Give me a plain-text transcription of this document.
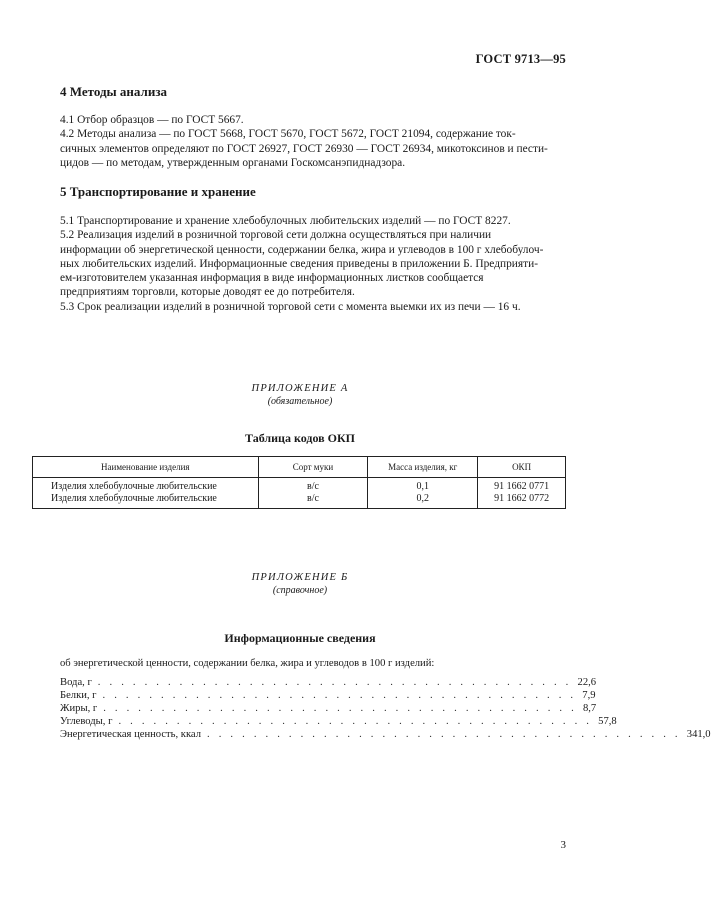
ГОСТ 9713—95
4 Методы анализа
4.1 Отбор образцов — по ГОСТ 5667.
4.2 Методы анализа — по ГОСТ 5668, ГОСТ 5670, ГОСТ 5672, ГОСТ 21094, содержание ток-
сичных элементов определяют по ГОСТ 26927, ГОСТ 26930 — ГОСТ 26934, микотоксинов и пести-
цидов — по методам, утвержденным органами Госкомсанэпиднадзора.
5 Транспортирование и хранение
5.1 Транспортирование и хранение хлебобулочных любительских изделий — по ГОСТ 8227.
5.2 Реализация изделий в розничной торговой сети должна осуществляться при наличии
информации об энергетической ценности, содержании белка, жира и углеводов в 100 г хлебобулоч-
ных любительских изделий. Информационные сведения приведены в приложении Б. Предприяти-
ем-изготовителем указанная информация в виде информационных листков сообщается
предприятиям торговли, которые доводят ее до потребителя.
5.3 Срок реализации изделий в розничной торговой сети с момента выемки их из печи — 16 ч.
ПРИЛОЖЕНИЕ А
(обязательное)
Таблица кодов ОКП
Наименование изделия	Сорт муки	Масса изделия, кг	ОКП
Изделия хлебобулочные любительские	в/с	0,1	91 1662 0771
Изделия хлебобулочные любительские	в/с	0,2	91 1662 0772
ПРИЛОЖЕНИЕ Б
(справочное)
Информационные сведения
об энергетической ценности, содержании белка, жира и углеводов в 100 г изделий:
Вода, г . . . . . . . . . . . . . . . . . . . . . . . . . . . . . . . . . . . . . . . . . 22,6
Белки, г . . . . . . . . . . . . . . . . . . . . . . . . . . . . . . . . . . . . . . . . . 7,9
Жиры, г . . . . . . . . . . . . . . . . . . . . . . . . . . . . . . . . . . . . . . . . . 8,7
Углеводы, г . . . . . . . . . . . . . . . . . . . . . . . . . . . . . . . . . . . . . . . . . 57,8
Энергетическая ценность, ккал . . . . . . . . . . . . . . . . . . . . . . . . . . . . . . . . . . . . . . . . . 341,0
3
